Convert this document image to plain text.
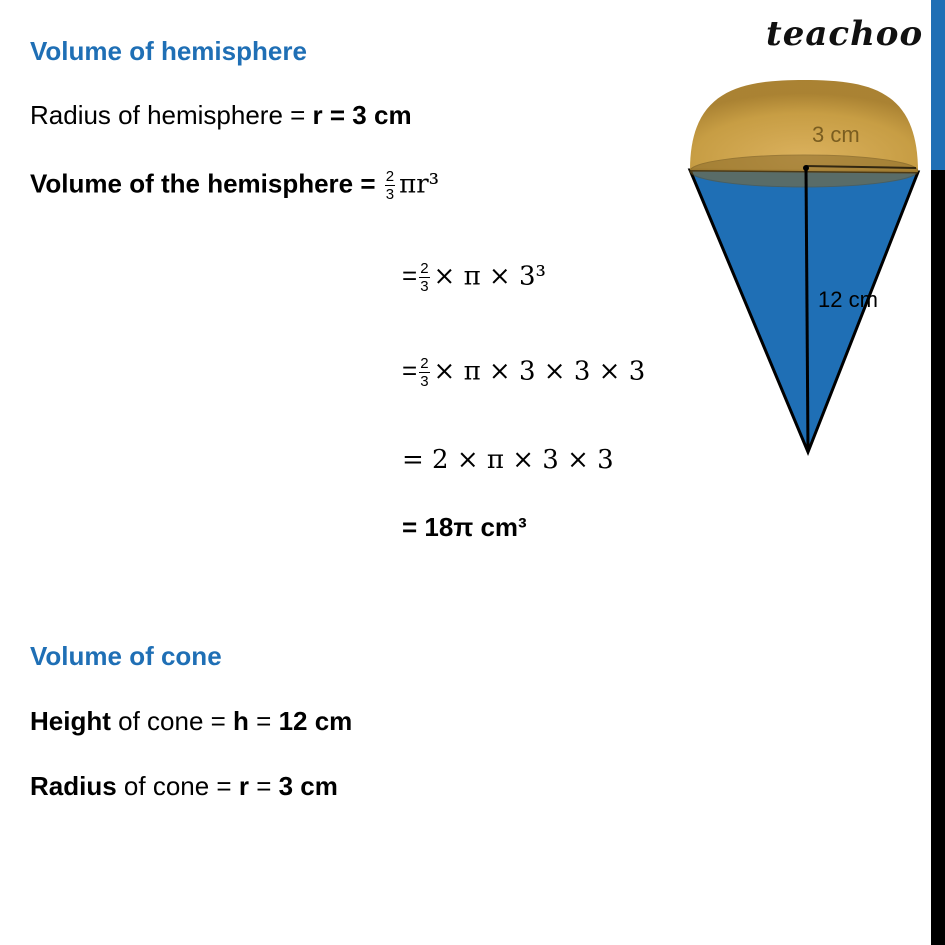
teachoo
Volume of hemisphere
Radius of hemisphere = r = 3 cm
Volume of the hemisphere = $\frac{2}{3} \pi r^3$
= $\frac{2}{3} \times \pi \times 3^3$
= $\frac{2}{3} \times \pi \times 3 \times 3 \times 3$
= 2 × π × 3 × 3
= 18π cm³
Volume of cone
Height of cone = h = 12 cm
Radius of cone = r = 3 cm
3 cm
12 cm
